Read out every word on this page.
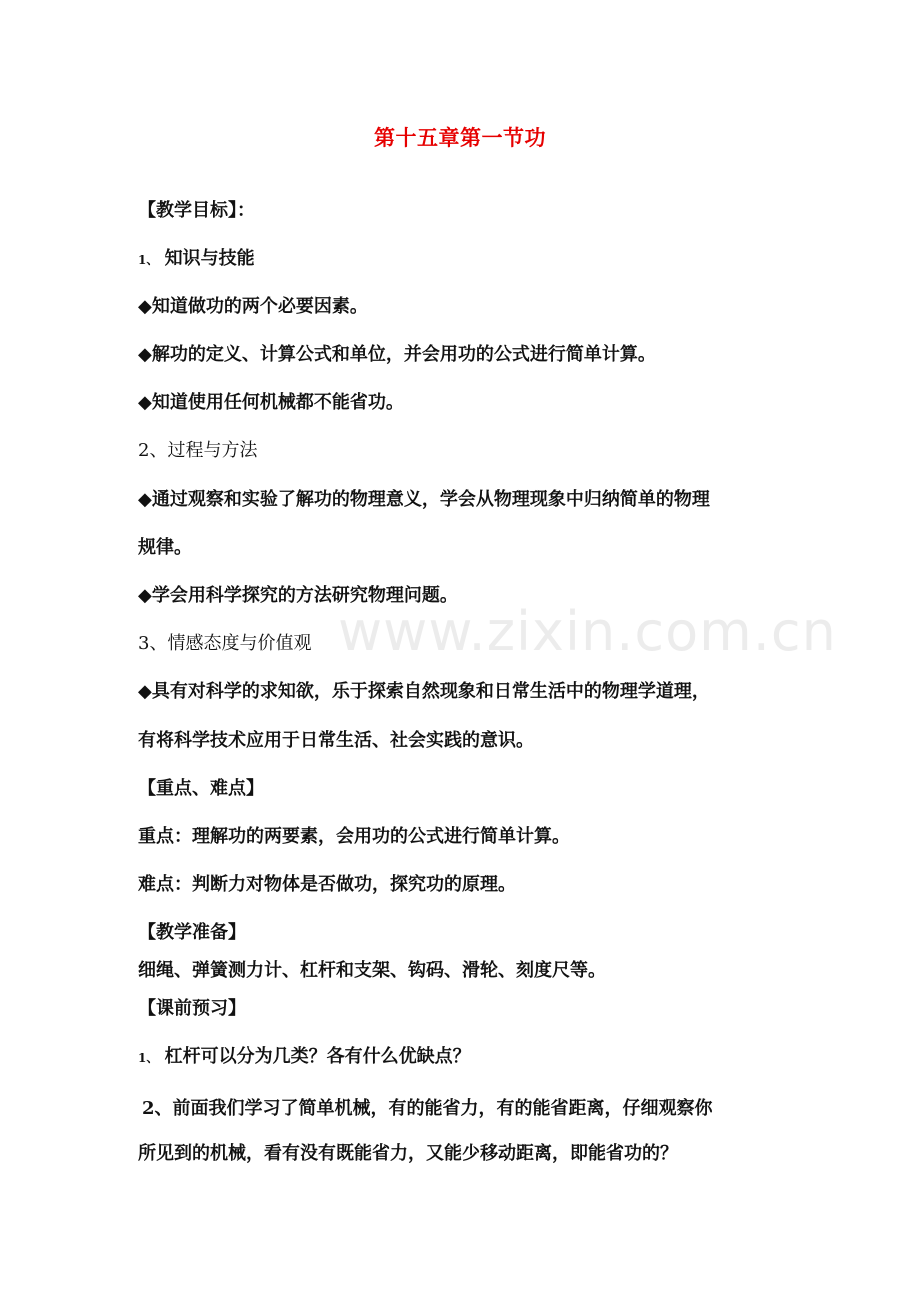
第十五章第一节功
【教学目标】：
1、 知识与技能
◆知道做功的两个必要因素。
◆解功的定义、计算公式和单位，并会用功的公式进行简单计算。
◆知道使用任何机械都不能省功。
2、过程与方法
◆通过观察和实验了解功的物理意义，学会从物理现象中归纳简单的物理
规律。
◆学会用科学探究的方法研究物理问题。
3、情感态度与价值观
◆具有对科学的求知欲，乐于探索自然现象和日常生活中的物理学道理，
有将科学技术应用于日常生活、社会实践的意识。
【重点、难点】
重点：理解功的两要素，会用功的公式进行简单计算。
难点：判断力对物体是否做功，探究功的原理。
【教学准备】
细绳、弹簧测力计、杠杆和支架、钩码、滑轮、刻度尺等。
【课前预习】
1、 杠杆可以分为几类？各有什么优缺点？
2、前面我们学习了简单机械，有的能省力，有的能省距离，仔细观察你
所见到的机械，看有没有既能省力，又能少移动距离，即能省功的？
www.zixin.com.cn
